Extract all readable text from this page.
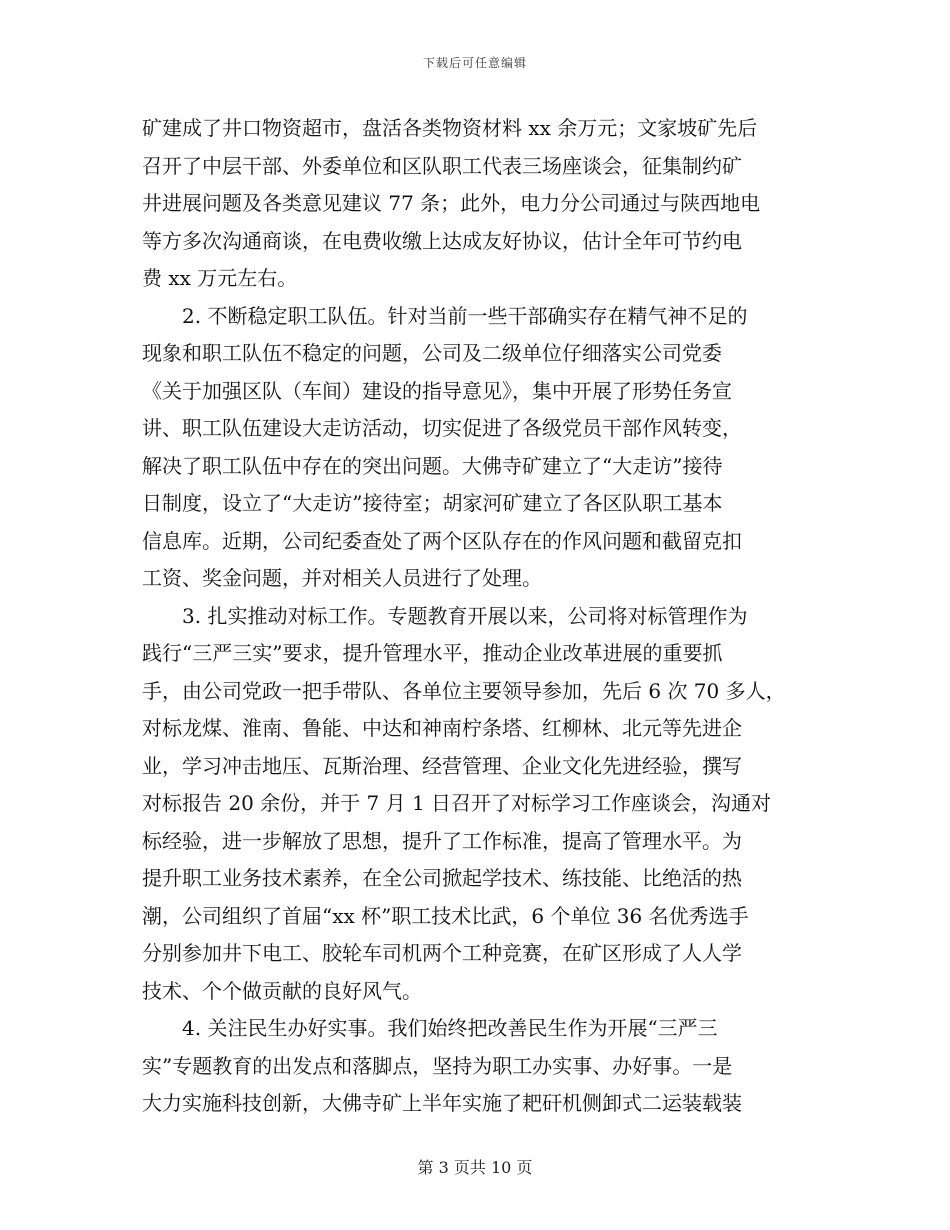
下载后可任意编辑

矿建成了井口物资超市，盘活各类物资材料 xx 余万元；文家坡矿先后
召开了中层干部、外委单位和区队职工代表三场座谈会，征集制约矿
井进展问题及各类意见建议 77 条；此外，电力分公司通过与陕西地电
等方多次沟通商谈，在电费收缴上达成友好协议，估计全年可节约电
费 xx 万元左右。

2. 不断稳定职工队伍。针对当前一些干部确实存在精气神不足的
现象和职工队伍不稳定的问题，公司及二级单位仔细落实公司党委
《关于加强区队（车间）建设的指导意见》，集中开展了形势任务宣
讲、职工队伍建设大走访活动，切实促进了各级党员干部作风转变，
解决了职工队伍中存在的突出问题。大佛寺矿建立了“大走访”接待
日制度，设立了“大走访”接待室；胡家河矿建立了各区队职工基本
信息库。近期，公司纪委查处了两个区队存在的作风问题和截留克扣
工资、奖金问题，并对相关人员进行了处理。

3. 扎实推动对标工作。专题教育开展以来，公司将对标管理作为
践行“三严三实”要求，提升管理水平，推动企业改革进展的重要抓
手，由公司党政一把手带队、各单位主要领导参加，先后 6 次 70 多人，
对标龙煤、淮南、鲁能、中达和神南柠条塔、红柳林、北元等先进企
业，学习冲击地压、瓦斯治理、经营管理、企业文化先进经验，撰写
对标报告 20 余份，并于 7 月 1 日召开了对标学习工作座谈会，沟通对
标经验，进一步解放了思想，提升了工作标准，提高了管理水平。为
提升职工业务技术素养，在全公司掀起学技术、练技能、比绝活的热
潮，公司组织了首届“xx 杯”职工技术比武，6 个单位 36 名优秀选手
分别参加井下电工、胶轮车司机两个工种竞赛，在矿区形成了人人学
技术、个个做贡献的良好风气。

4. 关注民生办好实事。我们始终把改善民生作为开展“三严三
实”专题教育的出发点和落脚点，坚持为职工办实事、办好事。一是
大力实施科技创新，大佛寺矿上半年实施了耙矸机侧卸式二运装载装

第 3 页共 10 页
